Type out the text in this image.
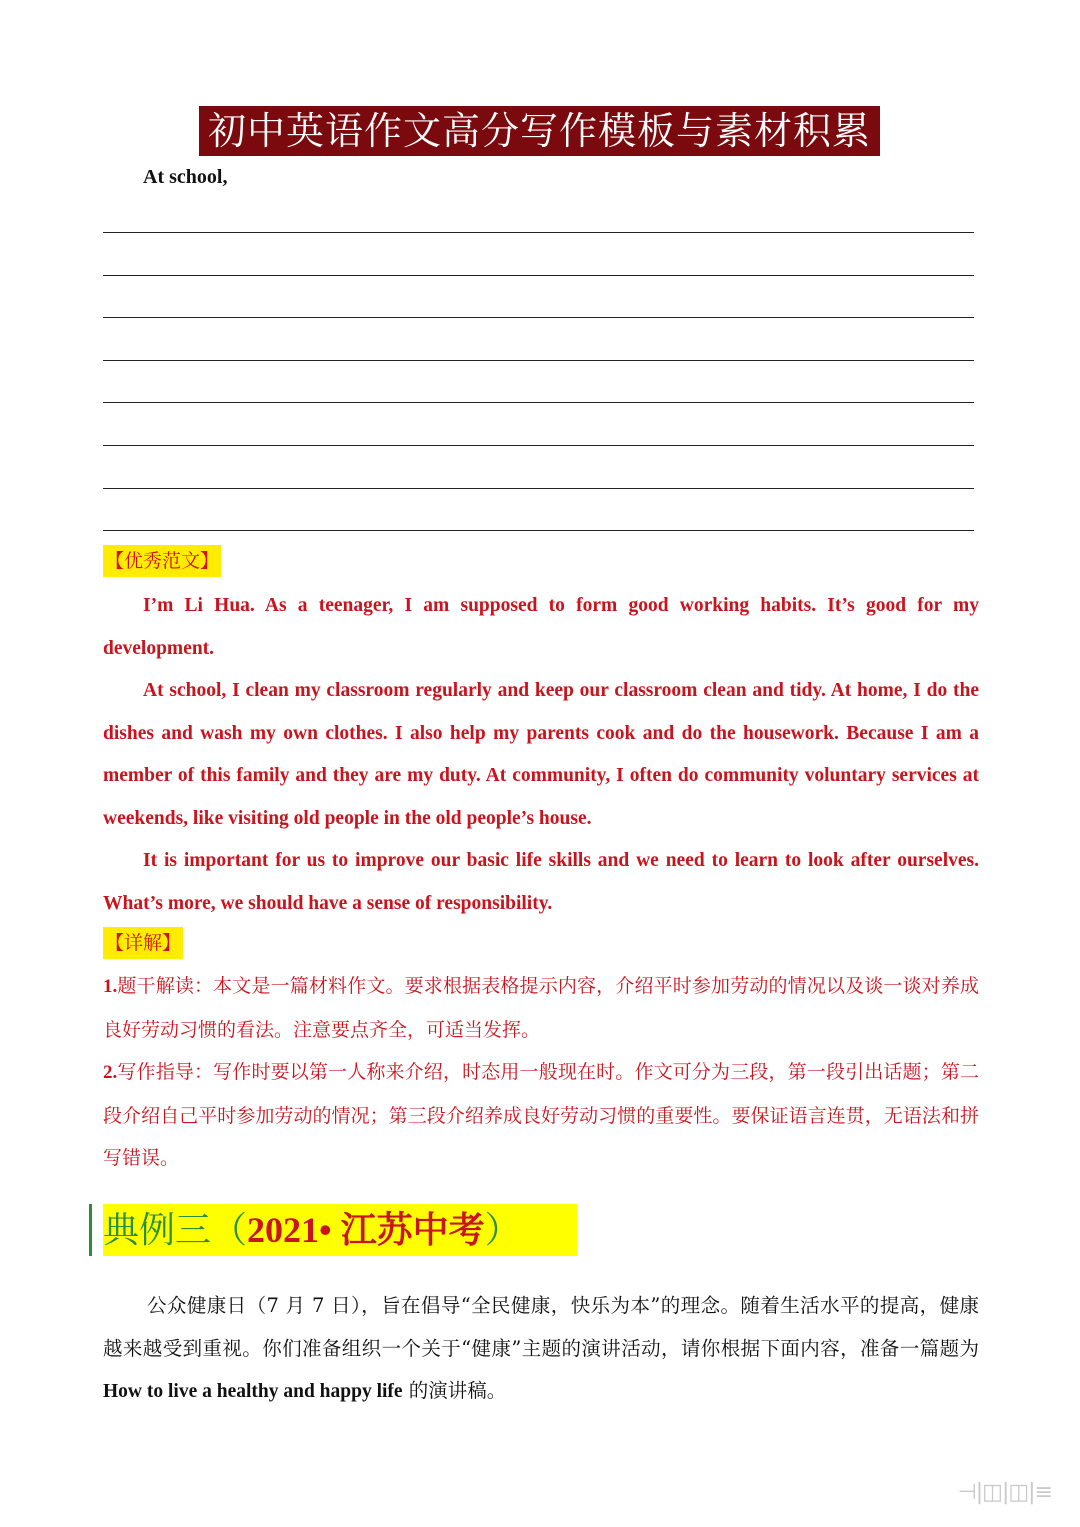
初中英语作文高分写作模板与素材积累
At school,
【优秀范文】

I’m Li Hua. As a teenager, I am supposed to form good working habits. It’s good for my development.

At school, I clean my classroom regularly and keep our classroom clean and tidy. At home, I do the dishes and wash my own clothes. I also help my parents cook and do the housework. Because I am a member of this family and they are my duty. At community, I often do community voluntary services at weekends, like visiting old people in the old people’s house.

It is important for us to improve our basic life skills and we need to learn to look after ourselves. What’s more, we should have a sense of responsibility.

【详解】

1.题干解读：本文是一篇材料作文。要求根据表格提示内容，介绍平时参加劳动的情况以及谈一谈对养成良好劳动习惯的看法。注意要点齐全，可适当发挥。

2.写作指导：写作时要以第一人称来介绍，时态用一般现在时。作文可分为三段，第一段引出话题；第二段介绍自己平时参加劳动的情况；第三段介绍养成良好劳动习惯的重要性。要保证语言连贯，无语法和拼写错误。

典例三（2021• 江苏中考）

公众健康日（7 月 7 日），旨在倡导“全民健康，快乐为本”的理念。随着生活水平的提高，健康越来越受到重视。你们准备组织一个关于“健康”主题的演讲活动，请你根据下面内容，准备一篇题为 How to live a healthy and happy life 的演讲稿。

⊣|◫|◫|≡
